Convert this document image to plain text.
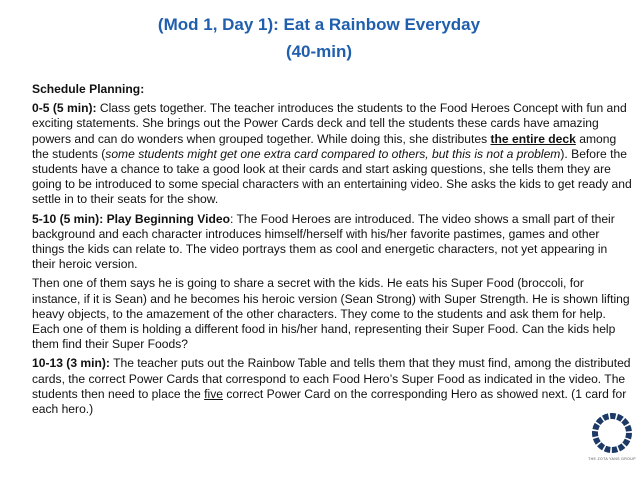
(Mod 1, Day 1): Eat a Rainbow Everyday
(40-min)

Schedule Planning:

0-5 (5 min): Class gets together. The teacher introduces the students to the Food Heroes Concept with fun and exciting statements. She brings out the Power Cards deck and tell the students these cards have amazing powers and can do wonders when grouped together. While doing this, she distributes the entire deck among the students (some students might get one extra card compared to others, but this is not a problem). Before the students have a chance to take a good look at their cards and start asking questions, she tells them they are going to be introduced to some special characters with an entertaining video. She asks the kids to get ready and settle in to their seats for the show.

5-10 (5 min): Play Beginning Video: The Food Heroes are introduced. The video shows a small part of their background and each character introduces himself/herself with his/her favorite pastimes, games and other things the kids can relate to. The video portrays them as cool and energetic characters, not yet appearing in their heroic version.

Then one of them says he is going to share a secret with the kids. He eats his Super Food (broccoli, for instance, if it is Sean) and he becomes his heroic version (Sean Strong) with Super Strength. He is shown lifting heavy objects, to the amazement of the other characters. They come to the students and ask them for help. Each one of them is holding a different food in his/her hand, representing their Super Food. Can the kids help them find their Super Foods?

10-13 (3 min): The teacher puts out the Rainbow Table and tells them that they must find, among the distributed cards, the correct Power Cards that correspond to each Food Hero’s Super Food as indicated in the video. The students then need to place the five correct Power Card on the corresponding Hero as showed next. (1 card for each hero.)

THE ZOTA YANS GROUP
